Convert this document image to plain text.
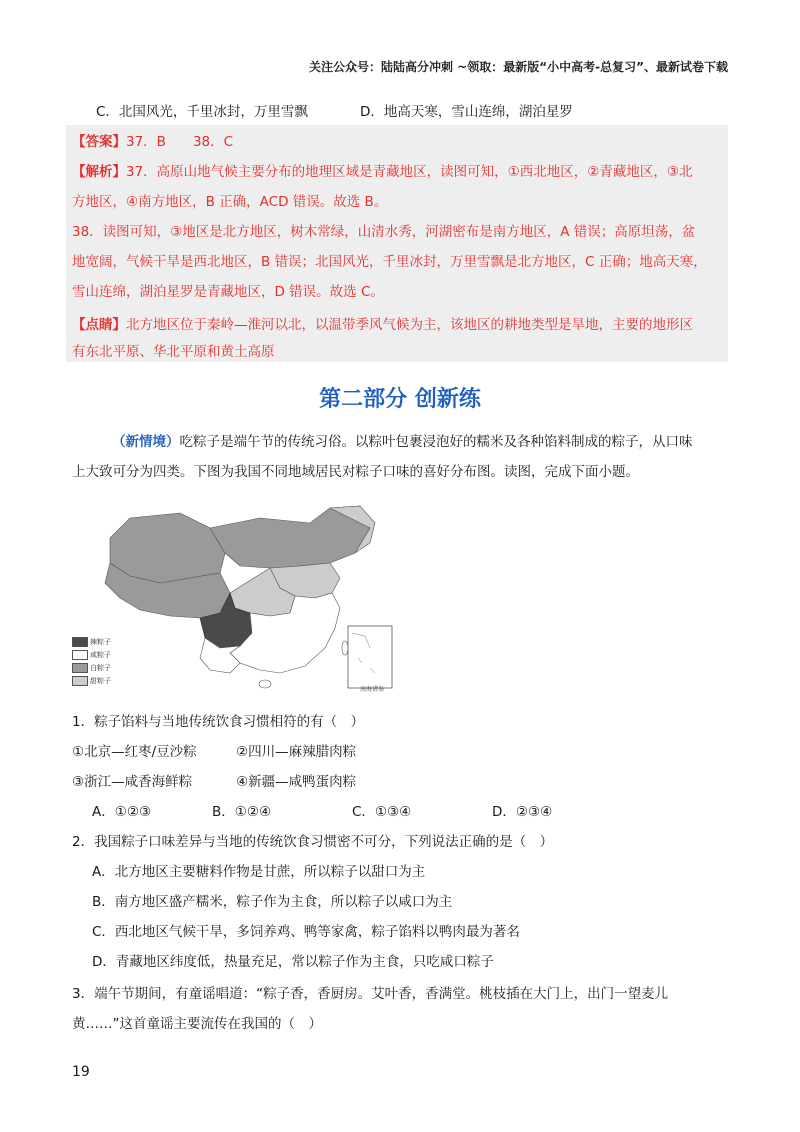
关注公众号：陆陆高分冲刺 ~领取：最新版“小中高考-总复习”、最新试卷下载
C．北国风光，千里冰封，万里雪飘	D．地高天寒，雪山连绵，湖泊星罗
【答案】37．B　　38．C
【解析】37．高原山地气候主要分布的地理区域是青藏地区，读图可知，①西北地区，②青藏地区，③北
方地区，④南方地区，B 正确，ACD 错误。故选 B。
38．读图可知，③地区是北方地区，树木常绿，山清水秀，河湖密布是南方地区，A 错误；高原坦荡，盆
地宽阔，气候干旱是西北地区，B 错误；北国风光，千里冰封，万里雪飘是北方地区，C 正确；地高天寒，
雪山连绵，湖泊星罗是青藏地区，D 错误。故选 C。
【点睛】北方地区位于秦岭—淮河以北，以温带季风气候为主，该地区的耕地类型是旱地，主要的地形区
有东北平原、华北平原和黄土高原
第二部分 创新练
（新情境）吃粽子是端午节的传统习俗。以粽叶包裹浸泡好的糯米及各种馅料制成的粽子，从口味
上大致可分为四类。下图为我国不同地域居民对粽子口味的喜好分布图。读图，完成下面小题。
南海诸岛
辣粽子
咸粽子
白粽子
甜粽子
1．粽子馅料与当地传统饮食习惯相符的有（　）
①北京—红枣/豆沙粽	②四川—麻辣腊肉粽
③浙江—咸香海鲜粽	④新疆—咸鸭蛋肉粽
A．①②③	B．①②④	C．①③④	D．②③④
2．我国粽子口味差异与当地的传统饮食习惯密不可分，下列说法正确的是（　）
A．北方地区主要糖料作物是甘蔗，所以粽子以甜口为主
B．南方地区盛产糯米，粽子作为主食，所以粽子以咸口为主
C．西北地区气候干旱，多饲养鸡、鸭等家禽，粽子馅料以鸭肉最为著名
D．青藏地区纬度低，热量充足，常以粽子作为主食，只吃咸口粽子
3．端午节期间，有童谣唱道：“粽子香，香厨房。艾叶香，香满堂。桃枝插在大门上，出门一望麦儿
黄……”这首童谣主要流传在我国的（　）
19
